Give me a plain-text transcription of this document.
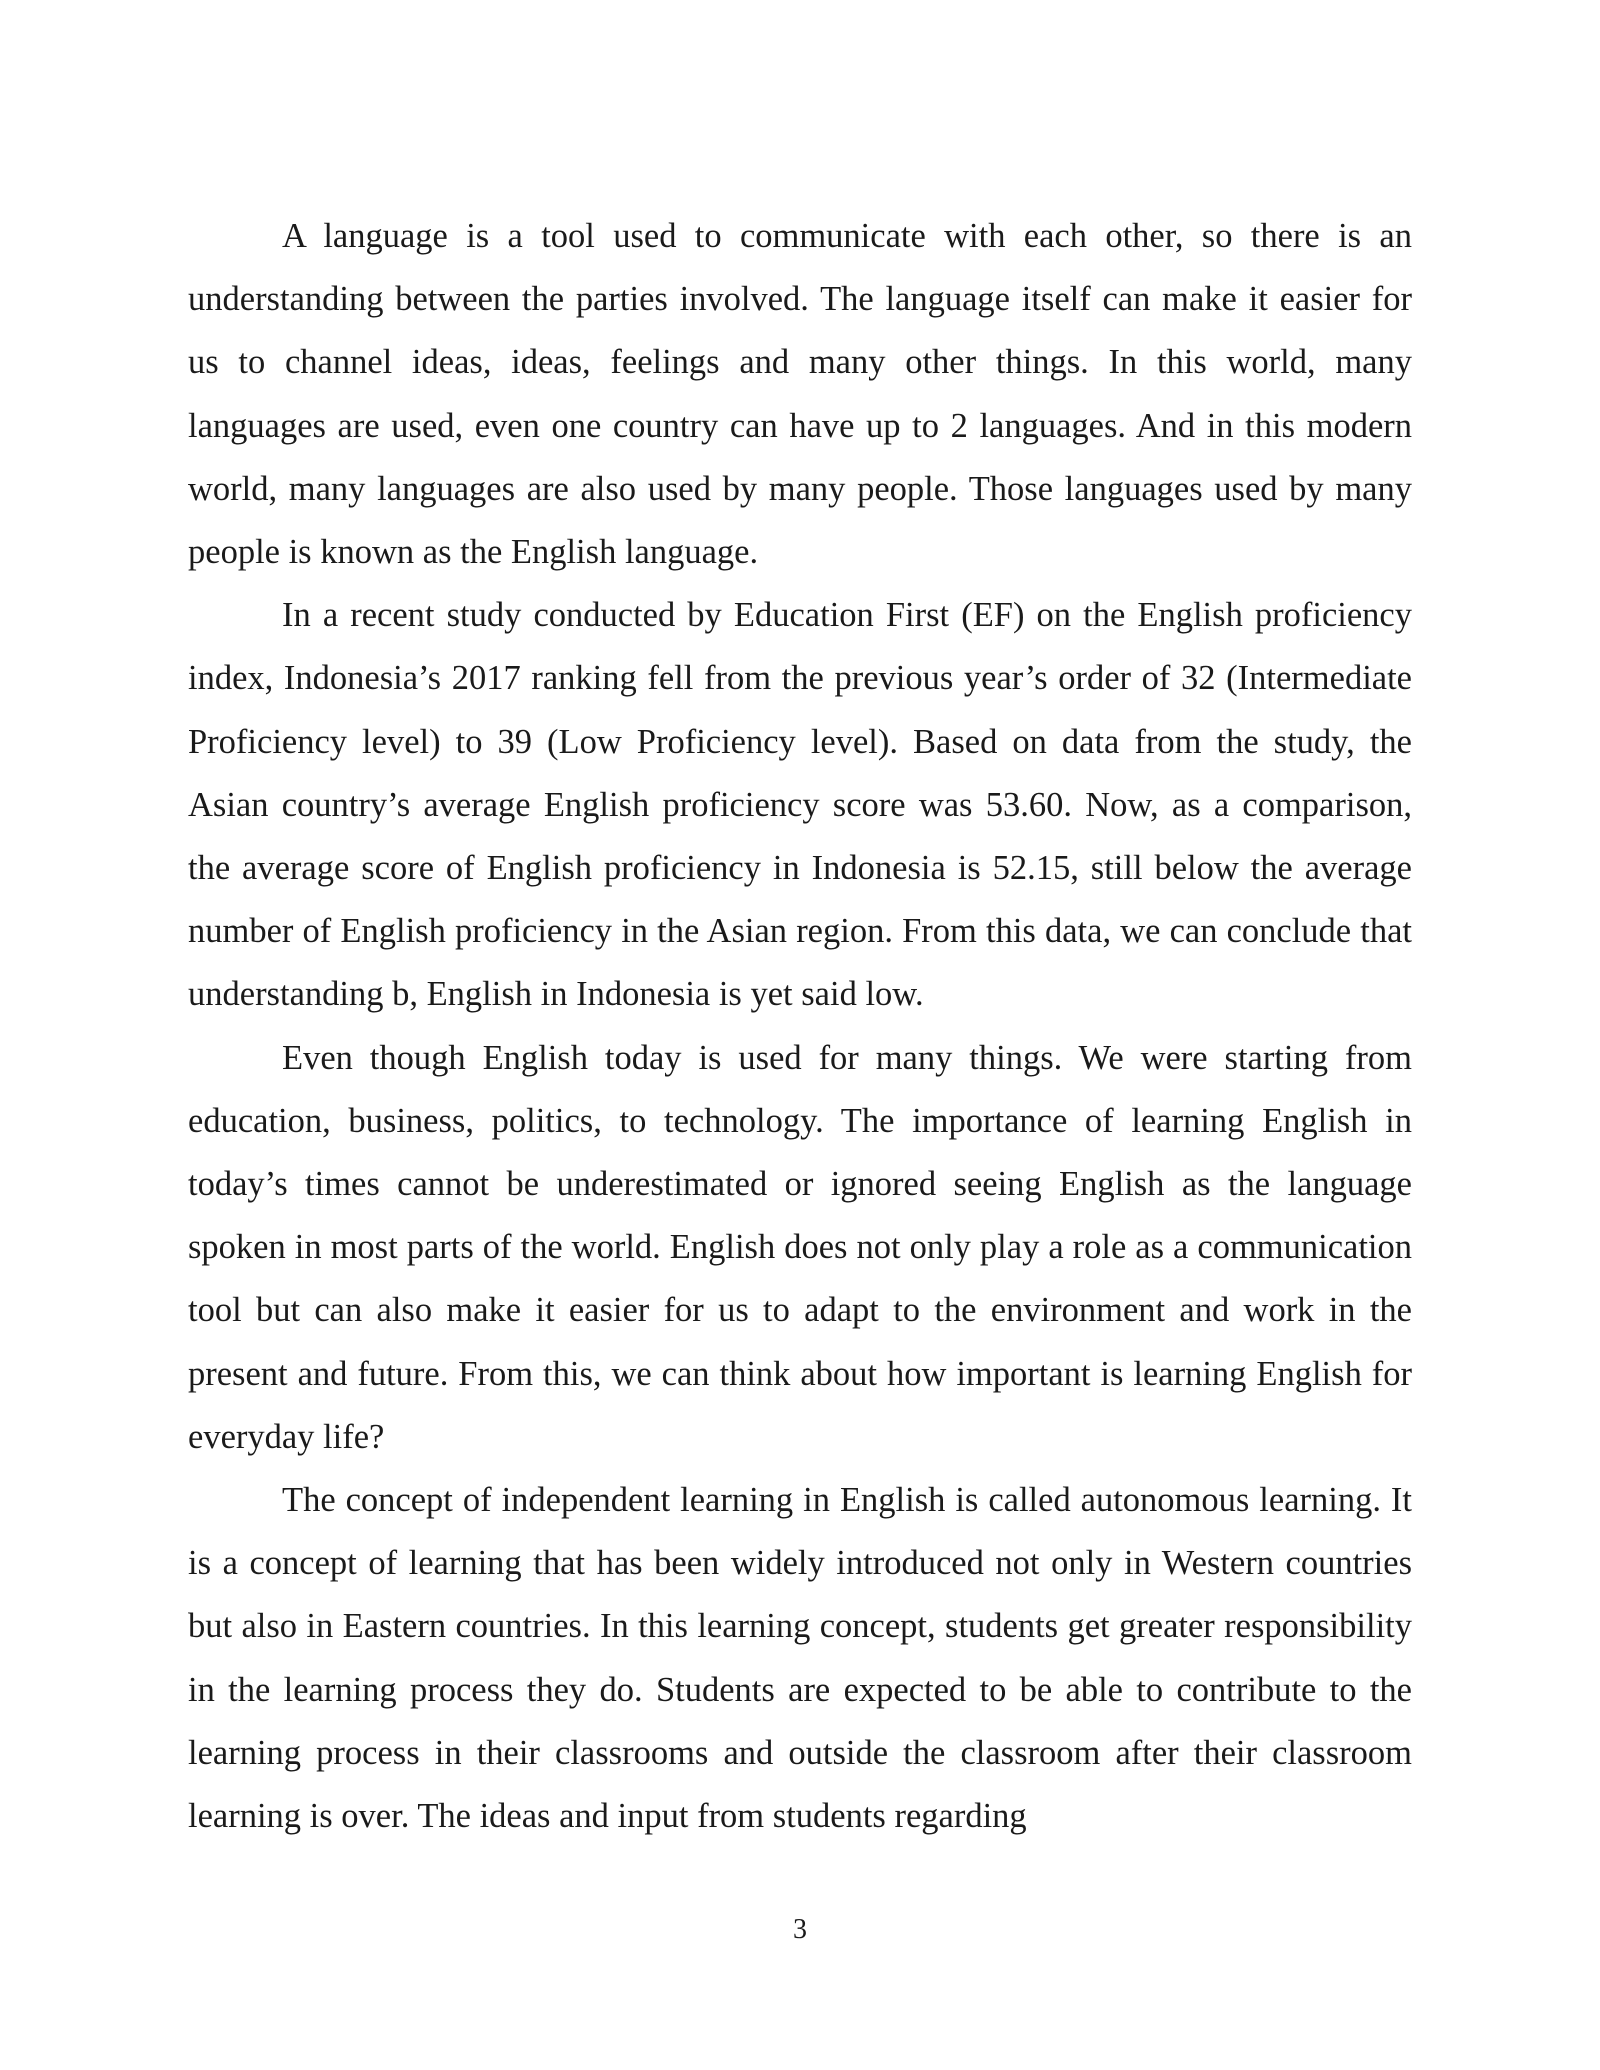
A language is a tool used to communicate with each other, so there is an understanding between the parties involved. The language itself can make it easier for us to channel ideas, ideas, feelings and many other things. In this world, many languages are used, even one country can have up to 2 languages. And in this modern world, many languages are also used by many people. Those languages used by many people is known as the English language.

In a recent study conducted by Education First (EF) on the English proficiency index, Indonesia’s 2017 ranking fell from the previous year’s order of 32 (Intermediate Proficiency level) to 39 (Low Proficiency level). Based on data from the study, the Asian country’s average English proficiency score was 53.60. Now, as a comparison, the average score of English proficiency in Indonesia is 52.15, still below the average number of English proficiency in the Asian region. From this data, we can conclude that understanding b, English in Indonesia is yet said low.

Even though English today is used for many things. We were starting from education, business, politics, to technology. The importance of learning English in today’s times cannot be underestimated or ignored seeing English as the language spoken in most parts of the world. English does not only play a role as a communication tool but can also make it easier for us to adapt to the environment and work in the present and future. From this, we can think about how important is learning English for everyday life?

The concept of independent learning in English is called autonomous learning. It is a concept of learning that has been widely introduced not only in Western countries but also in Eastern countries. In this learning concept, students get greater responsibility in the learning process they do. Students are expected to be able to contribute to the learning process in their classrooms and outside the classroom after their classroom learning is over. The ideas and input from students regarding

3
